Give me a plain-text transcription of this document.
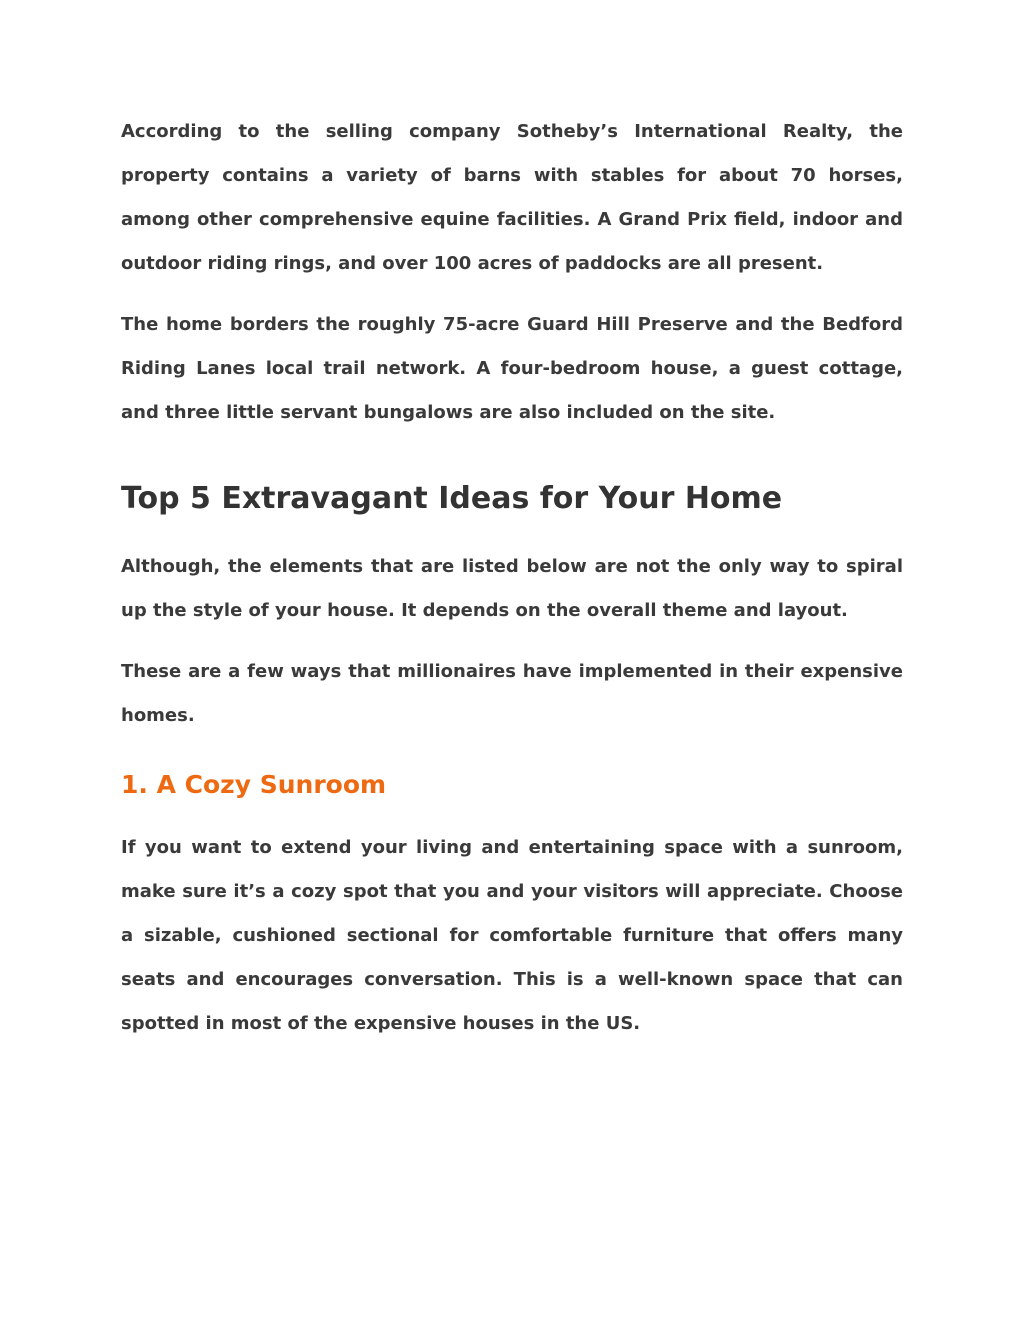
According to the selling company Sotheby’s International Realty, the property contains a variety of barns with stables for about 70 horses, among other comprehensive equine facilities. A Grand Prix field, indoor and outdoor riding rings, and over 100 acres of paddocks are all present.

The home borders the roughly 75-acre Guard Hill Preserve and the Bedford Riding Lanes local trail network. A four-bedroom house, a guest cottage, and three little servant bungalows are also included on the site.

Top 5 Extravagant Ideas for Your Home

Although, the elements that are listed below are not the only way to spiral up the style of your house. It depends on the overall theme and layout.

These are a few ways that millionaires have implemented in their expensive homes.

1. A Cozy Sunroom

If you want to extend your living and entertaining space with a sunroom, make sure it’s a cozy spot that you and your visitors will appreciate. Choose a sizable, cushioned sectional for comfortable furniture that offers many seats and encourages conversation. This is a well-known space that can spotted in most of the expensive houses in the US.
